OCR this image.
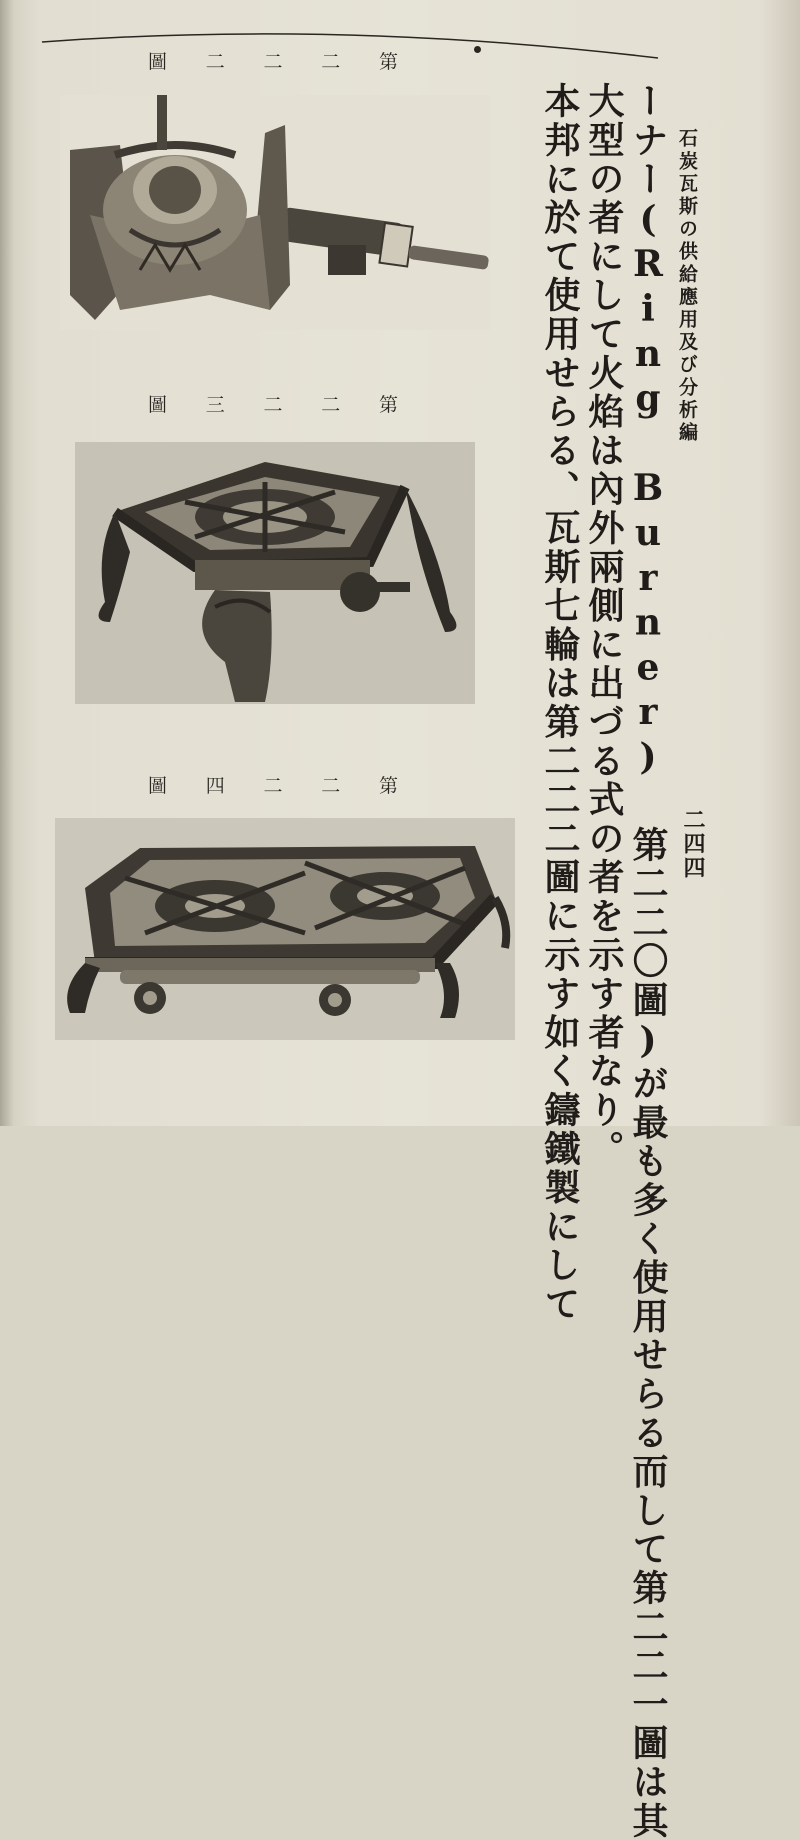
圖 二 二 二 第
圖 三 二 二 第
圖 四 二 二 第
石炭瓦斯の供給應用及び分析編
ーナー(Ring Burner) 第二二〇圖)が最も多く使用せらる而して第二二一圖は其
大型の者にして火焰は內外兩側に出づる式の者を示す者なり。
本邦に於て使用せらる、瓦斯七輪は第二二二圖に示す如く鑄鐵製にして	二四四
